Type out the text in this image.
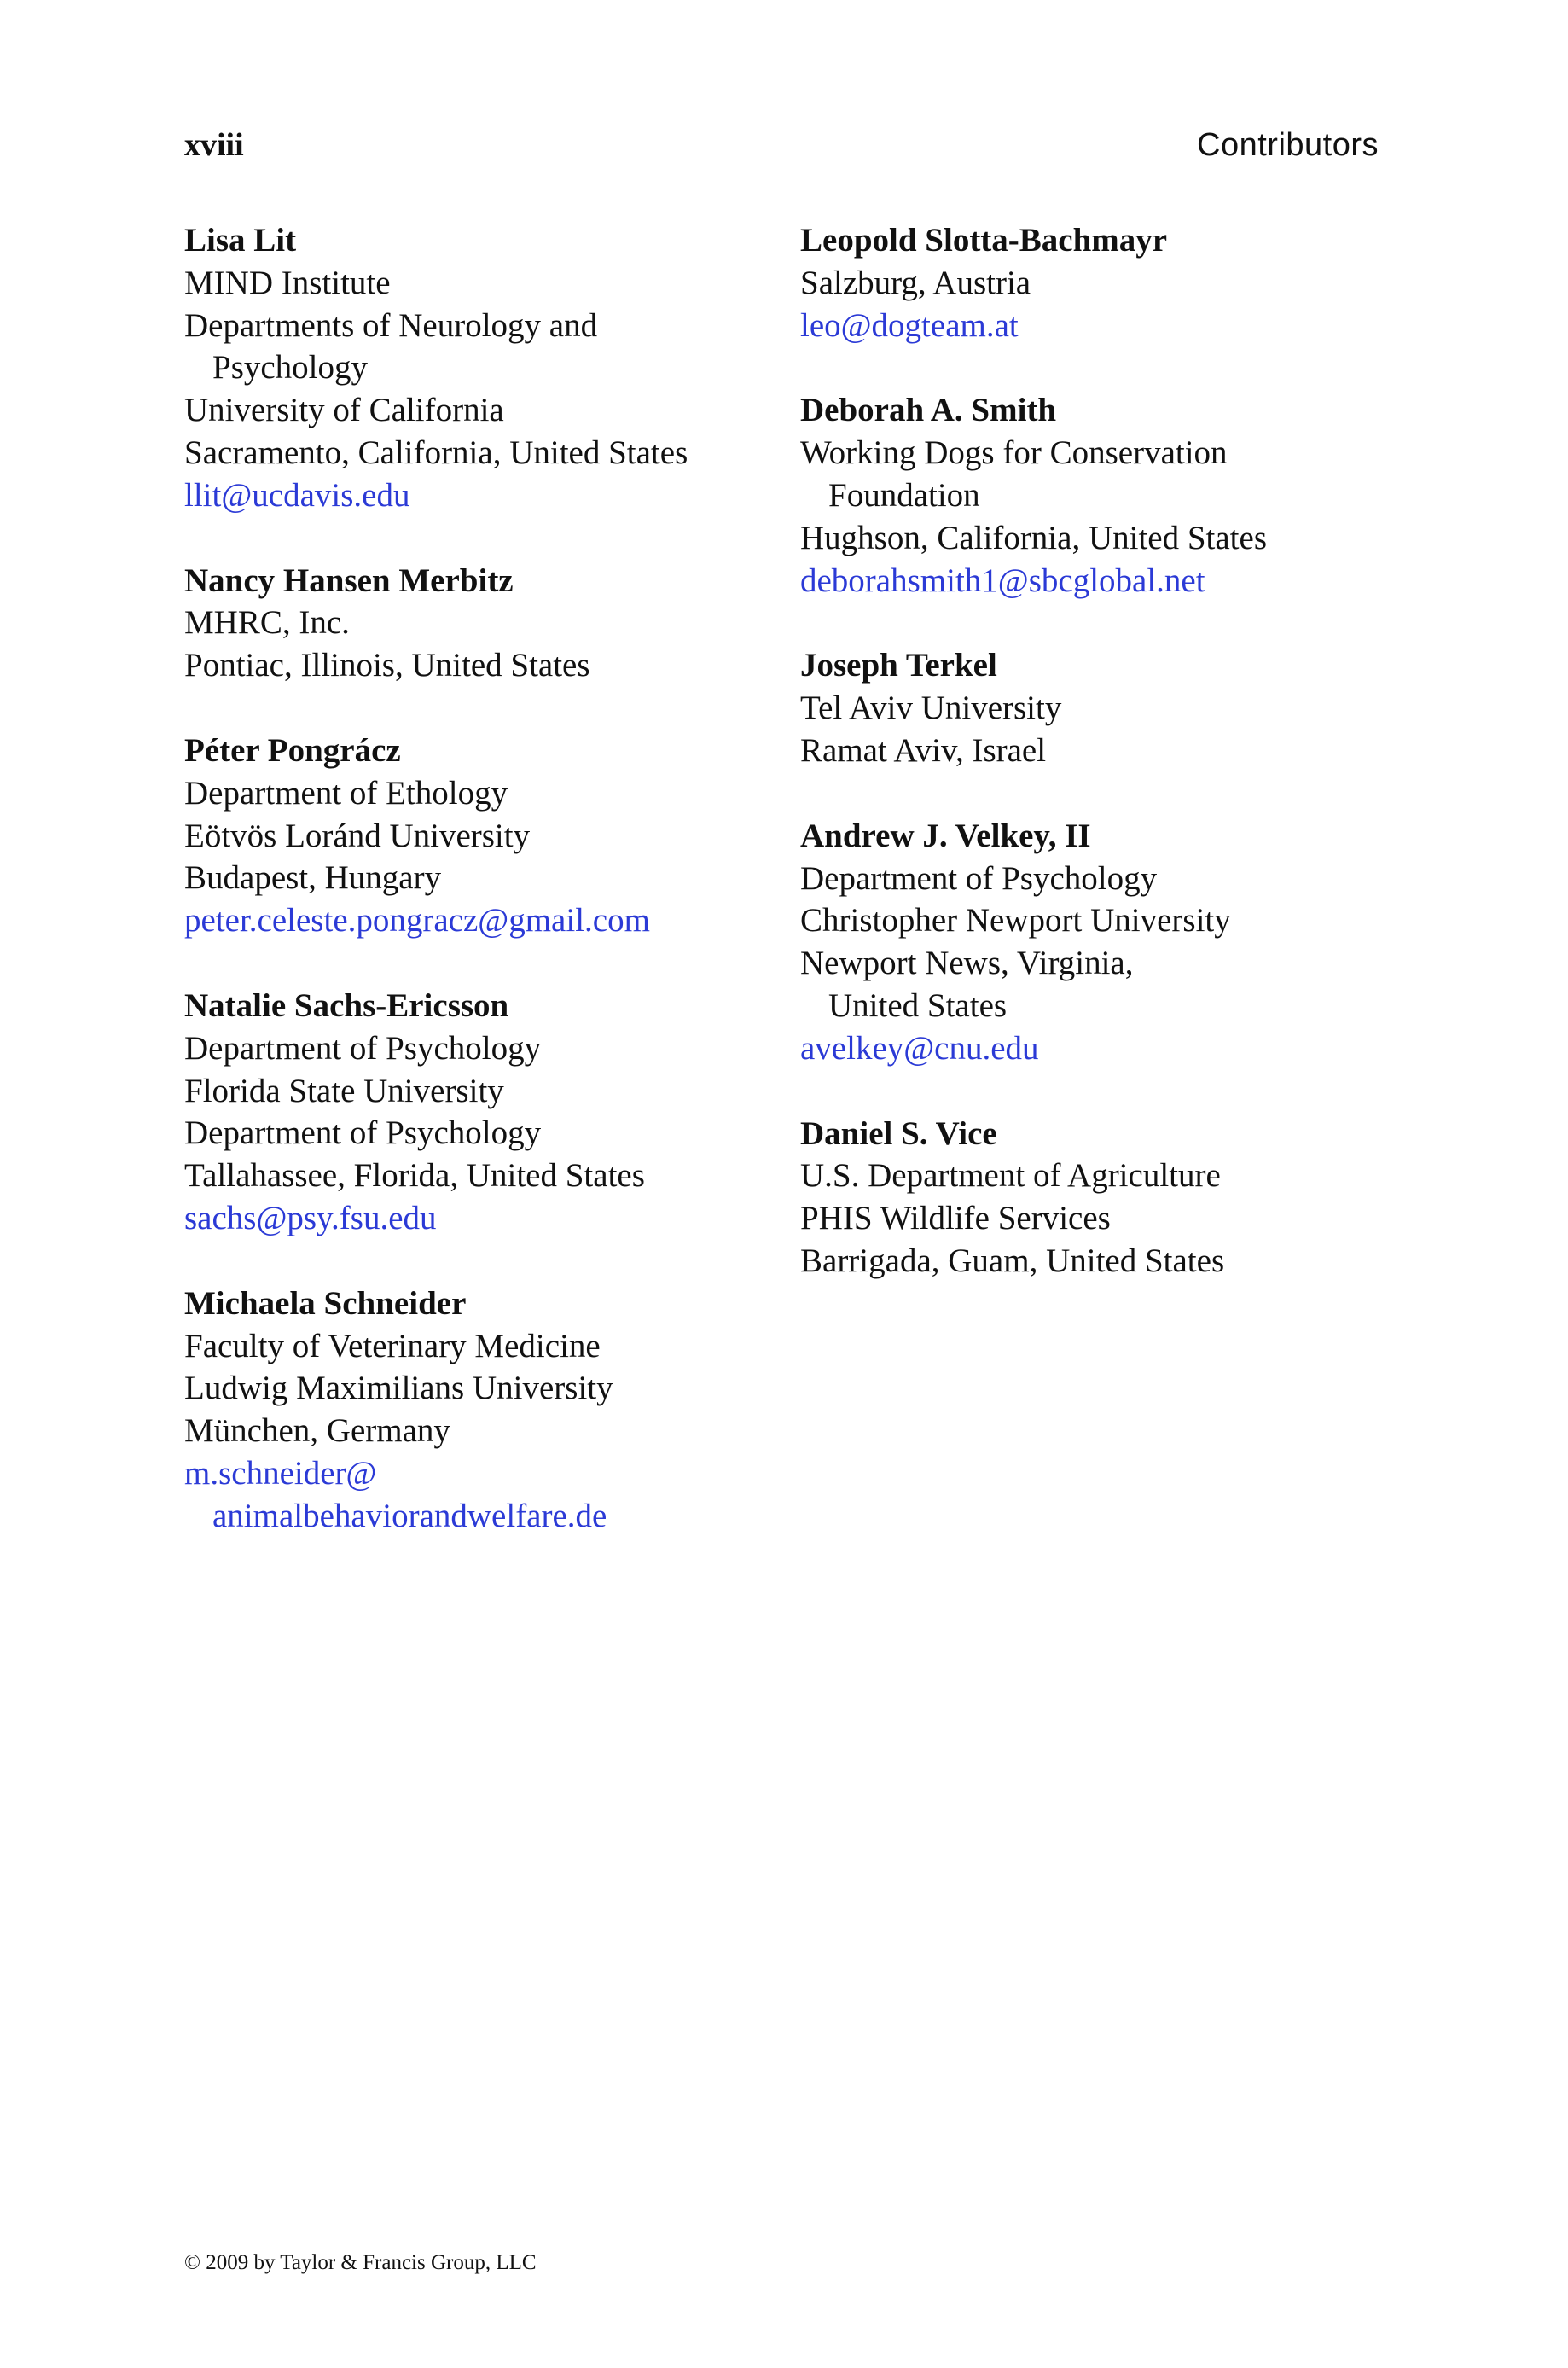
xviii	Contributors
Lisa Lit
MIND Institute
Departments of Neurology and
Psychology
University of California
Sacramento, California, United States
llit@ucdavis.edu
Nancy Hansen Merbitz
MHRC, Inc.
Pontiac, Illinois, United States
Péter Pongrácz
Department of Ethology
Eötvös Loránd University
Budapest, Hungary
peter.celeste.pongracz@gmail.com
Natalie Sachs-Ericsson
Department of Psychology
Florida State University
Department of Psychology
Tallahassee, Florida, United States
sachs@psy.fsu.edu
Michaela Schneider
Faculty of Veterinary Medicine
Ludwig Maximilians University
München, Germany
m.schneider@
animalbehaviorandwelfare.de
Leopold Slotta-Bachmayr
Salzburg, Austria
leo@dogteam.at
Deborah A. Smith
Working Dogs for Conservation
Foundation
Hughson, California, United States
deborahsmith1@sbcglobal.net
Joseph Terkel
Tel Aviv University
Ramat Aviv, Israel
Andrew J. Velkey, II
Department of Psychology
Christopher Newport University
Newport News, Virginia,
United States
avelkey@cnu.edu
Daniel S. Vice
U.S. Department of Agriculture
PHIS Wildlife Services
Barrigada, Guam, United States
© 2009 by Taylor & Francis Group, LLC
